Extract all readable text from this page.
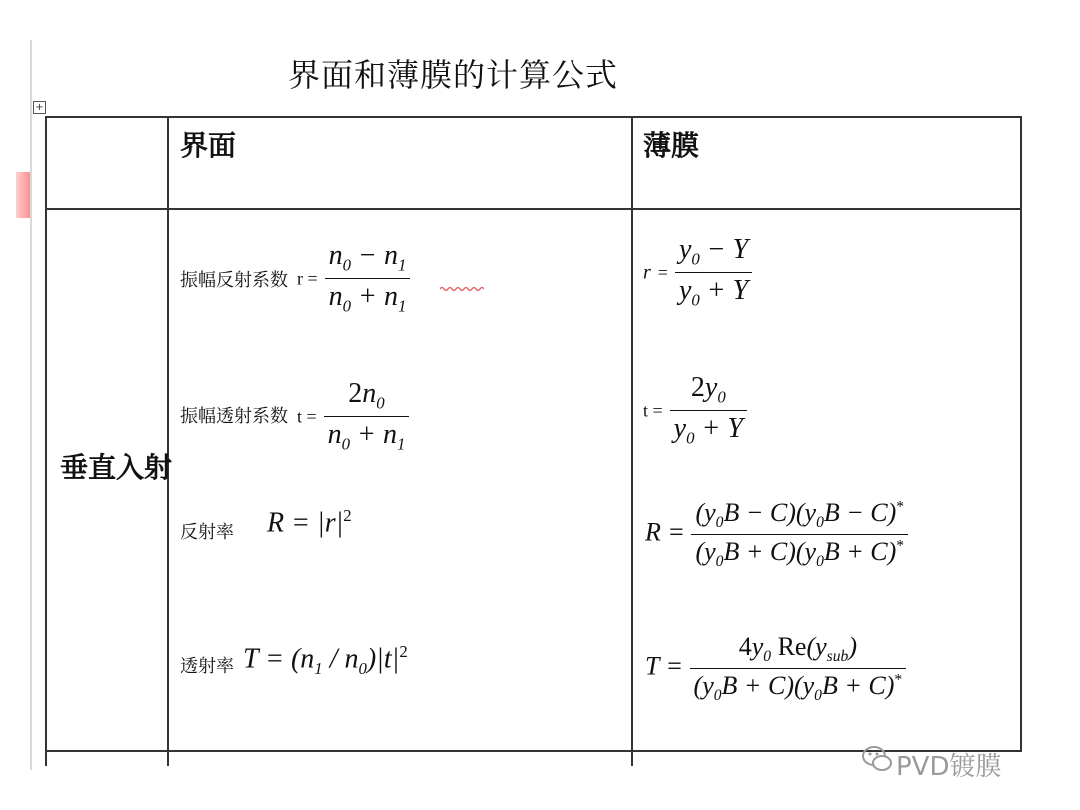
+
界面和薄膜的计算公式
界面	薄膜
垂直入射
振幅反射系数 $r = \frac{n_0 - n_1}{n_0 + n_1}$
振幅透射系数 $t = \frac{2n_0}{n_0 + n_1}$
反射率 $R = |r|^2$
透射率 $T = (n_1 / n_0)|t|^2$
$r = \frac{y_0 - Y}{y_0 + Y}$
$t = \frac{2y_0}{y_0 + Y}$
$R = \frac{(y_0B - C)(y_0B - C)^*}{(y_0B + C)(y_0B + C)^*}$
$T = \frac{4y_0 Re(y_{sub})}{(y_0B + C)(y_0B + C)^*}$
PVD镀膜
